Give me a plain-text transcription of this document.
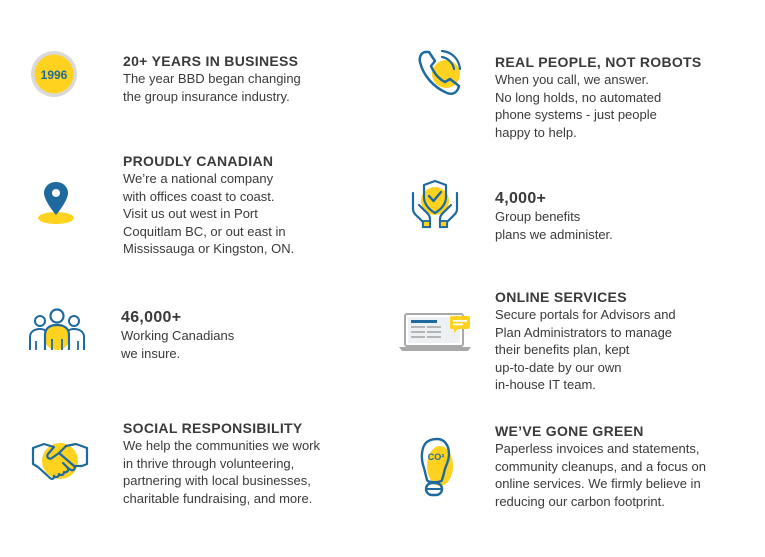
1996
20+ YEARS IN BUSINESS
The year BBD began changing
the group insurance industry.
REAL PEOPLE, NOT ROBOTS
When you call, we answer.
No long holds, no automated
phone systems - just people
happy to help.
PROUDLY CANADIAN
We’re a national company
with offices coast to coast.
Visit us out west in Port
Coquitlam BC, or out east in
Mississauga or Kingston, ON.
4,000+
Group benefits
plans we administer.
46,000+
Working Canadians
we insure.
ONLINE SERVICES
Secure portals for Advisors and
Plan Administrators to manage
their benefits plan, kept
up-to-date by our own
in-house IT team.
SOCIAL RESPONSIBILITY
We help the communities we work
in thrive through volunteering,
partnering with local businesses,
charitable fundraising, and more.
CO²
WE’VE GONE GREEN
Paperless invoices and statements,
community cleanups, and a focus on
online services. We firmly believe in
reducing our carbon footprint.
